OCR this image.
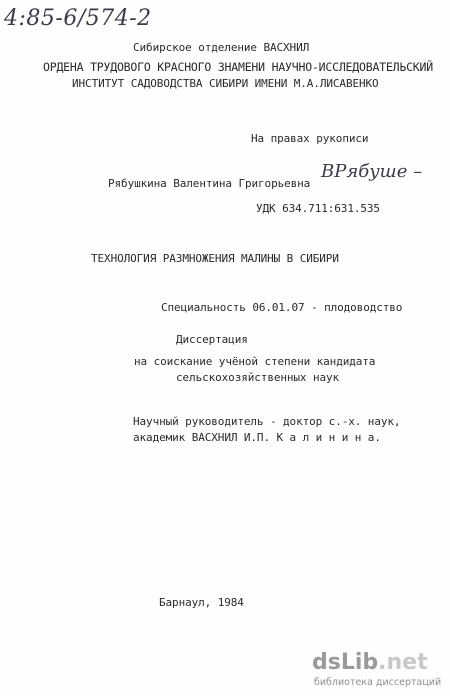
4:85-6/574-2
Сибирское отделение ВАСХНИЛ
ОРДЕНА ТРУДОВОГО КРАСНОГО ЗНАМЕНИ НАУЧНО-ИССЛЕДОВАТЕЛЬСКИЙ
ИНСТИТУТ САДОВОДСТВА СИБИРИ ИМЕНИ М.А.ЛИСАВЕНКО
На правах рукописи
Рябушкина Валентина Григорьевна
ВРябуше –
УДК 634.711:631.535
ТЕХНОЛОГИЯ РАЗМНОЖЕНИЯ МАЛИНЫ В СИБИРИ
Специальность 06.01.07 - плодоводство
Диссертация
на соискание учёной степени кандидата
сельскохозяйственных наук
Научный руководитель - доктор с.-х. наук,
академик ВАСХНИЛ И.П. К а л и н и н а.
Барнаул, 1984
dsLib.net
библиотека диссертаций
